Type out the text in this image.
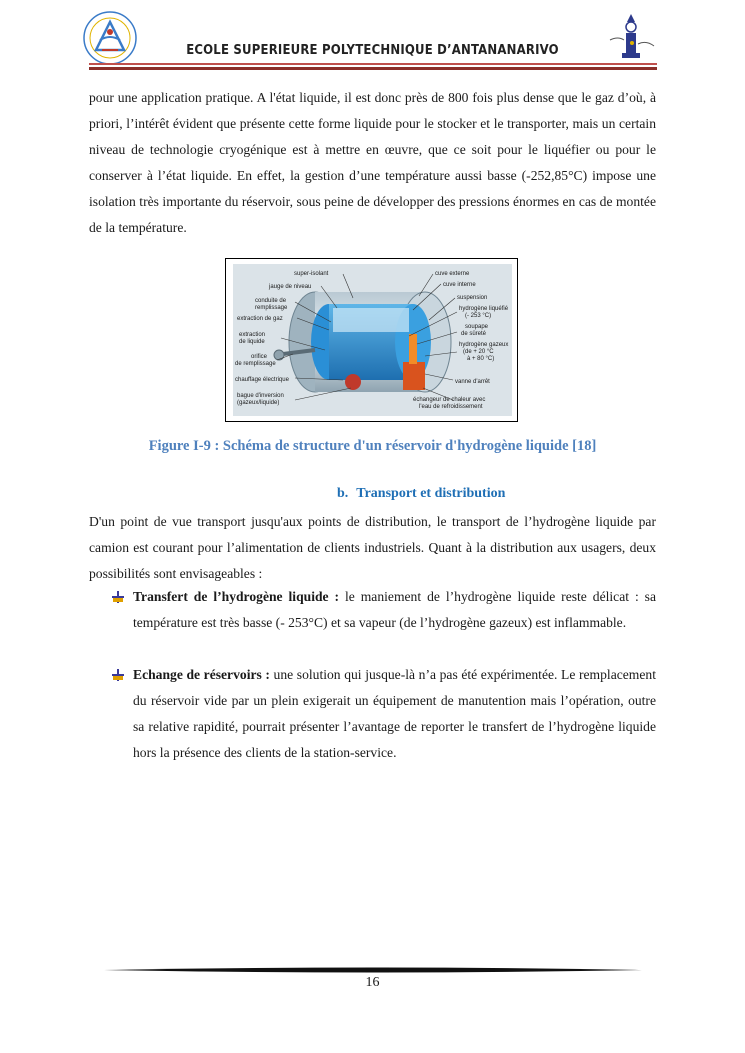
ECOLE SUPERIEURE POLYTECHNIQUE D’ANTANANARIVO

pour une application pratique. A l'état liquide, il est donc près de 800 fois plus dense que le gaz d’où, à priori, l’intérêt évident que présente cette forme liquide pour le stocker et le transporter, mais un certain niveau de technologie cryogénique est à mettre en œuvre, que ce soit pour le liquéfier ou pour le conserver à l’état liquide. En effet, la gestion d’une température aussi basse (-252,85°C) impose une isolation très importante du réservoir, sous peine de développer des pressions énormes en cas de montée de la température.

super-isolant
jauge de niveau
conduite de
remplissage
extraction de gaz
extraction
de liquide
orifice
de remplissage
chauffage électrique
bague d'inversion
(gazeux/liquide)
cuve externe
cuve interne
suspension
hydrogène liquéfié
(- 253 °C)
soupape
de sûreté
hydrogène gazeux
(de + 20 °C
à + 80 °C)
vanne d'arrêt
échangeur de chaleur avec
l'eau de refroidissement
Figure I-9 : Schéma de structure d'un réservoir d'hydrogène liquide [18]
b. Transport et distribution

D'un point de vue transport jusqu'aux points de distribution, le transport de l’hydrogène liquide par camion est courant pour l’alimentation de clients industriels. Quant à la distribution aux usagers, deux possibilités sont envisageables :

Transfert de l’hydrogène liquide : le maniement de l’hydrogène liquide reste délicat : sa température est très basse (- 253°C) et sa vapeur (de l’hydrogène gazeux) est inflammable.

Echange de réservoirs : une solution qui jusque-là n’a pas été expérimentée. Le remplacement du réservoir vide par un plein exigerait un équipement de manutention mais l’opération, outre sa relative rapidité, pourrait présenter l’avantage de reporter le transfert de l’hydrogène liquide hors la présence des clients de la station-service.

16
